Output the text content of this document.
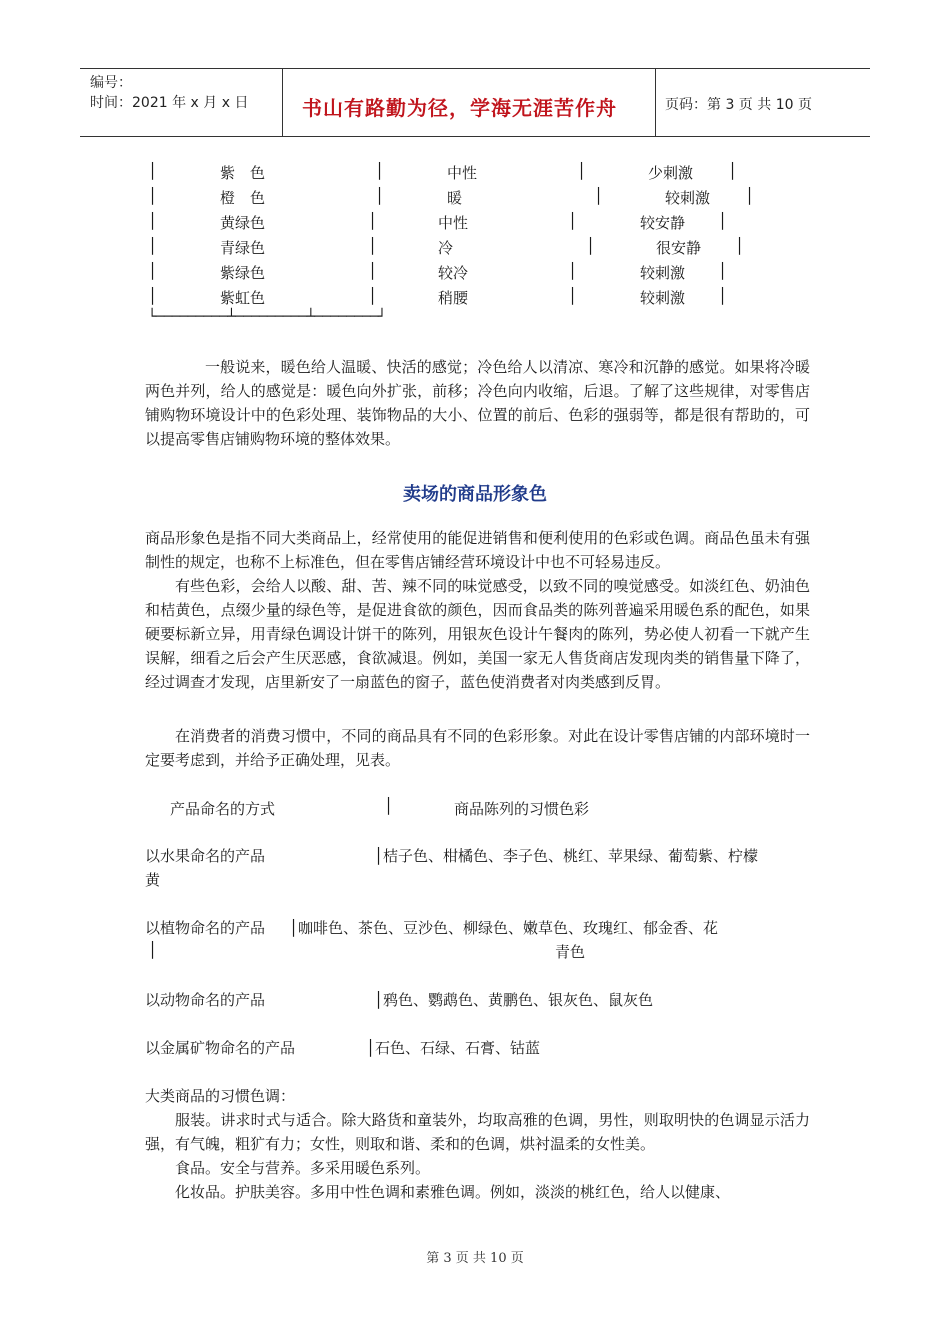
编号：
时间：2021 年 x 月 x 日	书山有路勤为径，学海无涯苦作舟	页码：第 3 页 共 10 页
│	紫　色	│	中性	│	少刺激 │
│	橙　色	│	暖	│	较刺激 │
│	黄绿色	│	中性	│	较安静 │
│	青绿色	│	冷	│	很安静 │
│	紫绿色	│	较冷	│	较刺激 │
│	紫虹色	│	稍腰	│	较刺激 │
└─────────┴─────────┴────────┘
一般说来，暖色给人温暖、快活的感觉；冷色给人以清凉、寒冷和沉静的感觉。如果将冷暖两色并列，给人的感觉是：暖色向外扩张，前移；冷色向内收缩，后退。了解了这些规律，对零售店铺购物环境设计中的色彩处理、装饰物品的大小、位置的前后、色彩的强弱等，都是很有帮助的，可以提高零售店铺购物环境的整体效果。
卖场的商品形象色
商品形象色是指不同大类商品上，经常使用的能促进销售和便利使用的色彩或色调。商品色虽未有强制性的规定，也称不上标准色，但在零售店铺经营环境设计中也不可轻易违反。
有些色彩，会给人以酸、甜、苦、辣不同的味觉感受，以致不同的嗅觉感受。如淡红色、奶油色和桔黄色，点缀少量的绿色等，是促进食欲的颜色，因而食品类的陈列普遍采用暖色系的配色，如果硬要标新立异，用青绿色调设计饼干的陈列，用银灰色设计午餐肉的陈列，势必使人初看一下就产生误解，细看之后会产生厌恶感，食欲减退。例如，美国一家无人售货商店发现肉类的销售量下降了，经过调查才发现，店里新安了一扇蓝色的窗子，蓝色使消费者对肉类感到反胃。
在消费者的消费习惯中，不同的商品具有不同的色彩形象。对此在设计零售店铺的内部环境时一定要考虑到，并给予正确处理，见表。
产品命名的方式	│	商品陈列的习惯色彩
以水果命名的产品	│桔子色、柑橘色、李子色、桃红、苹果绿、葡萄紫、柠檬
黄
以植物命名的产品 │咖啡色、茶色、豆沙色、柳绿色、嫩草色、玫瑰红、郁金香、花
│	青色
以动物命名的产品	│鸦色、鹦鹉色、黄鹏色、银灰色、鼠灰色
以金属矿物命名的产品	│石色、石绿、石膏、钴蓝
大类商品的习惯色调：
服装。讲求时式与适合。除大路货和童装外，均取高雅的色调，男性，则取明快的色调显示活力强，有气魄，粗犷有力；女性，则取和谐、柔和的色调，烘衬温柔的女性美。
食品。安全与营养。多采用暖色系列。
化妆品。护肤美容。多用中性色调和素雅色调。例如，淡淡的桃红色，给人以健康、
第 3 页 共 10 页
